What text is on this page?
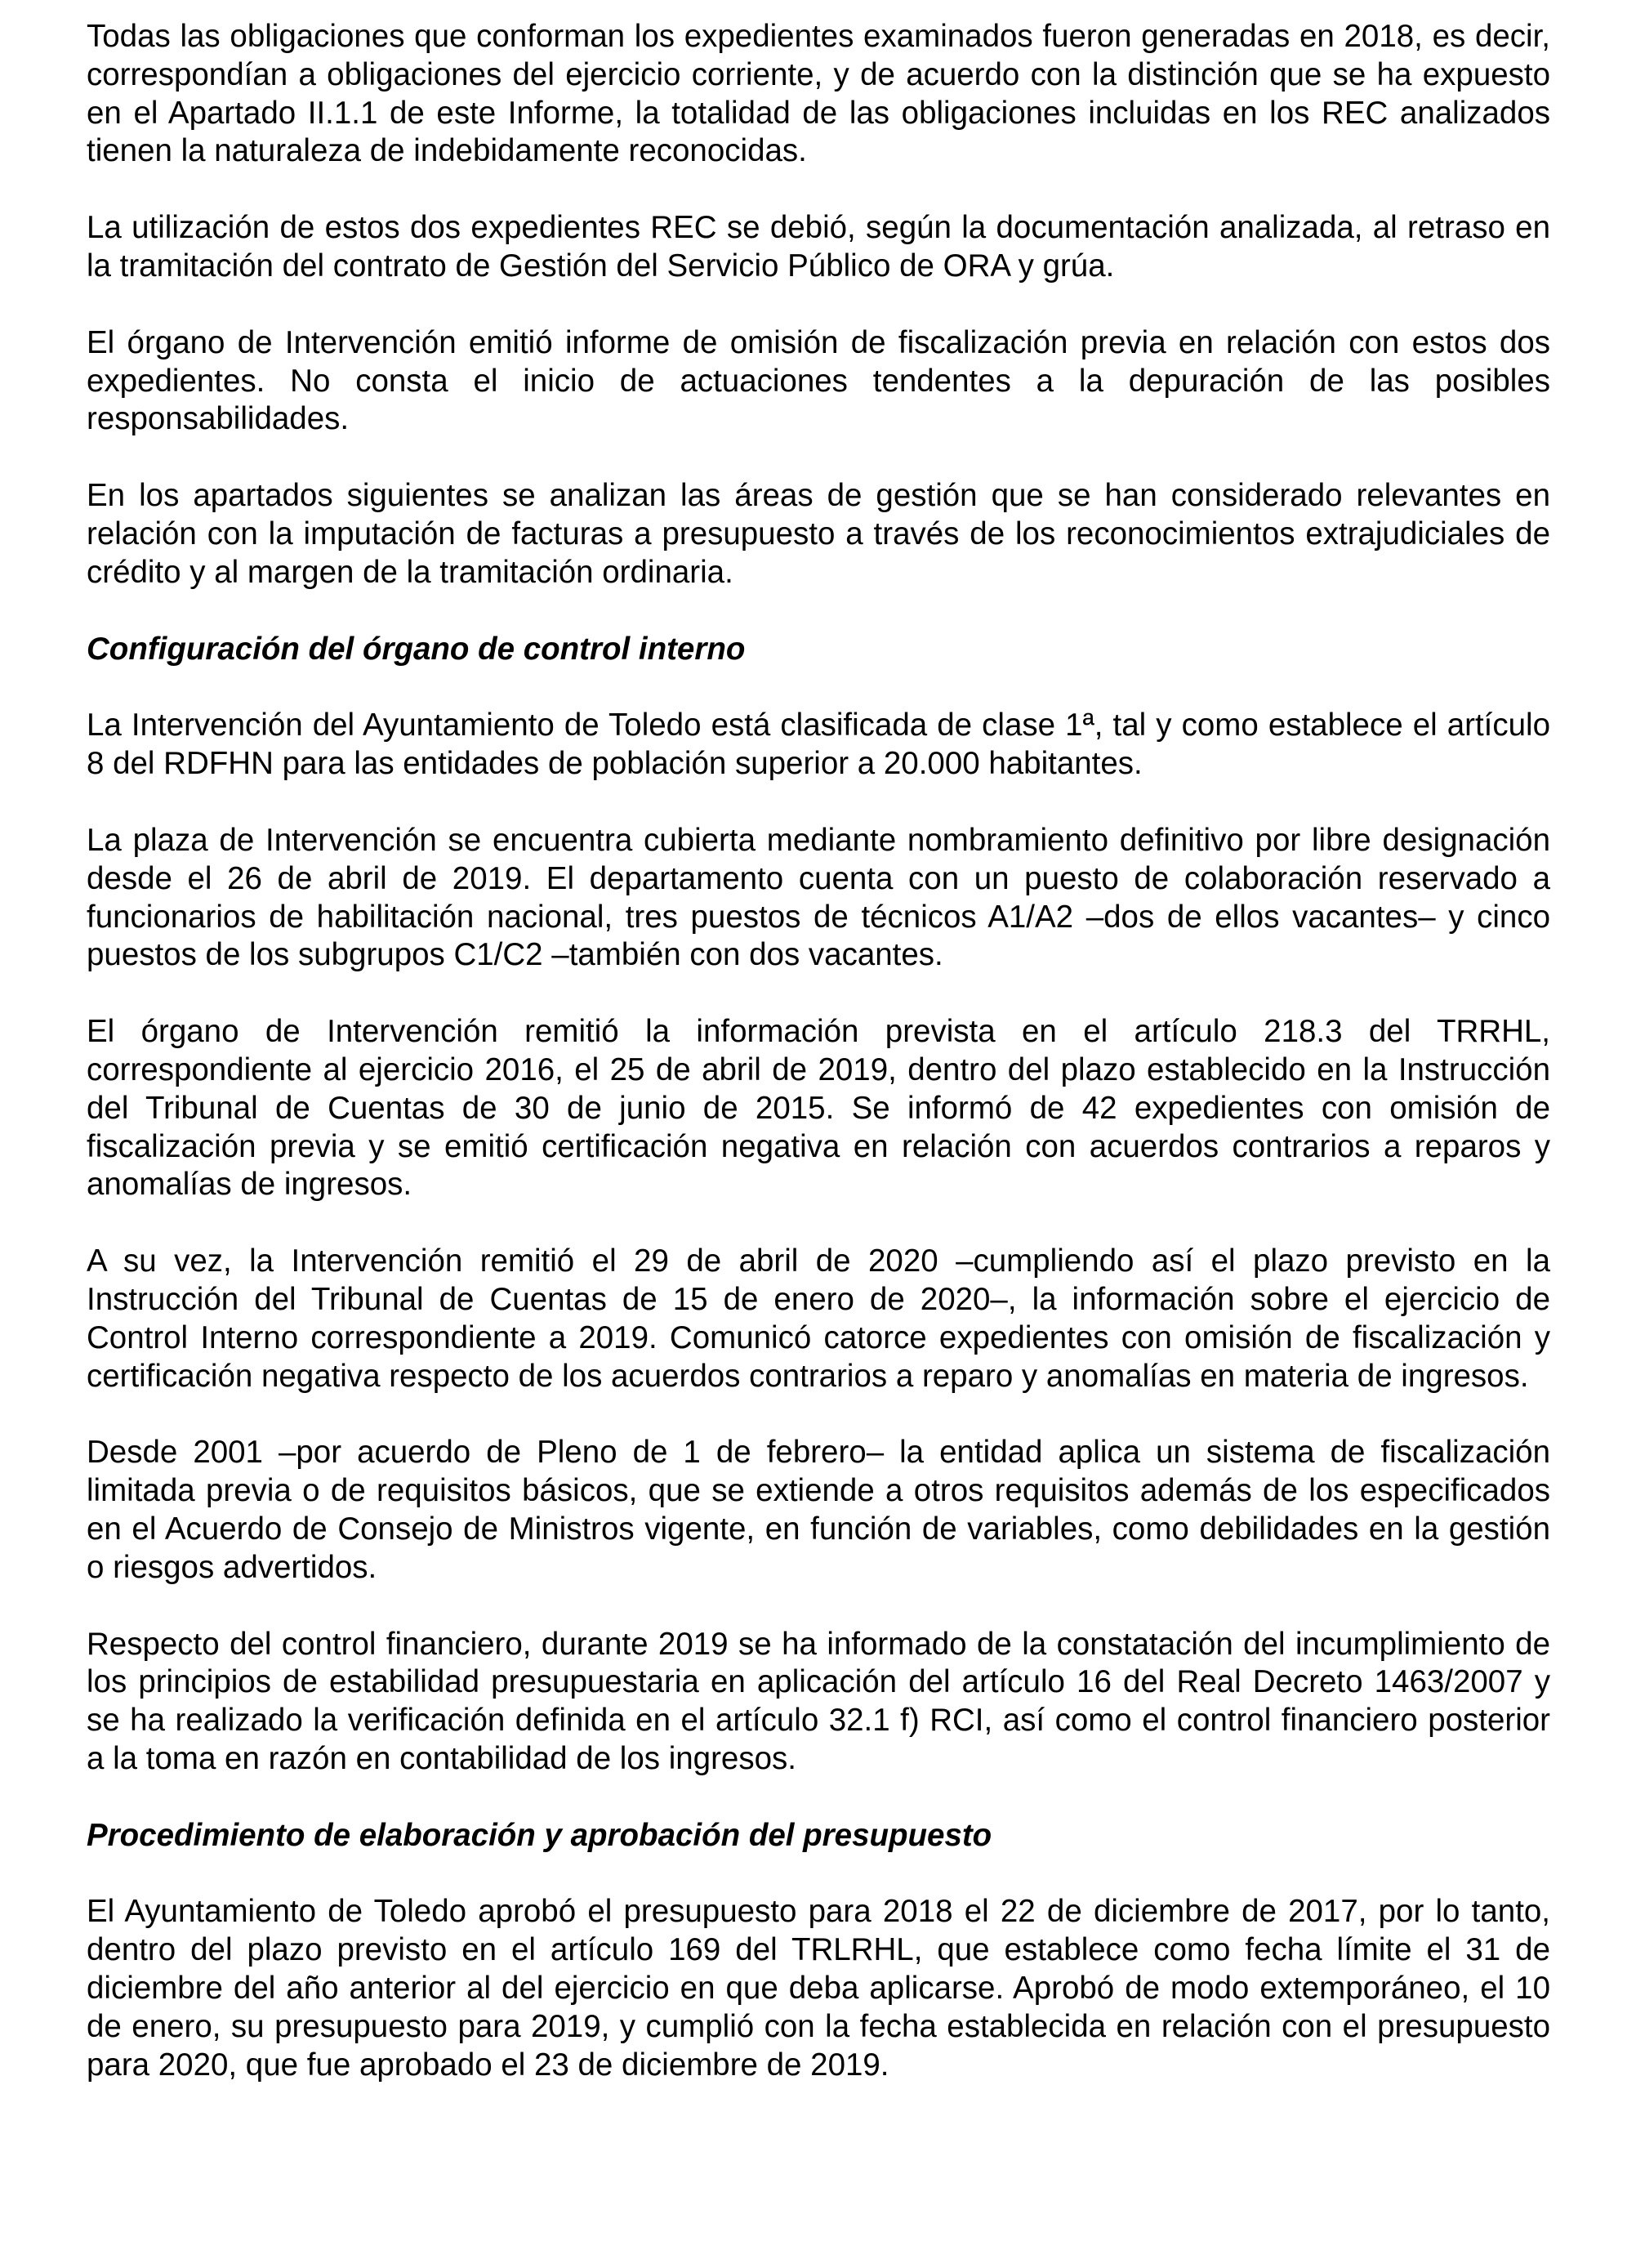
Todas las obligaciones que conforman los expedientes examinados fueron generadas en 2018, es decir, correspondían a obligaciones del ejercicio corriente, y de acuerdo con la distinción que se ha expuesto en el Apartado II.1.1 de este Informe, la totalidad de las obligaciones incluidas en los REC analizados tienen la naturaleza de indebidamente reconocidas.

La utilización de estos dos expedientes REC se debió, según la documentación analizada, al retraso en la tramitación del contrato de Gestión del Servicio Público de ORA y grúa.

El órgano de Intervención emitió informe de omisión de fiscalización previa en relación con estos dos expedientes. No consta el inicio de actuaciones tendentes a la depuración de las posibles responsabilidades.

En los apartados siguientes se analizan las áreas de gestión que se han considerado relevantes en relación con la imputación de facturas a presupuesto a través de los reconocimientos extrajudiciales de crédito y al margen de la tramitación ordinaria.

Configuración del órgano de control interno

La Intervención del Ayuntamiento de Toledo está clasificada de clase 1ª, tal y como establece el artículo 8 del RDFHN para las entidades de población superior a 20.000 habitantes.

La plaza de Intervención se encuentra cubierta mediante nombramiento definitivo por libre designación desde el 26 de abril de 2019. El departamento cuenta con un puesto de colaboración reservado a funcionarios de habilitación nacional, tres puestos de técnicos A1/A2 –dos de ellos vacantes– y cinco puestos de los subgrupos C1/C2 –también con dos vacantes.

El órgano de Intervención remitió la información prevista en el artículo 218.3 del TRRHL, correspondiente al ejercicio 2016, el 25 de abril de 2019, dentro del plazo establecido en la Instrucción del Tribunal de Cuentas de 30 de junio de 2015. Se informó de 42 expedientes con omisión de fiscalización previa y se emitió certificación negativa en relación con acuerdos contrarios a reparos y anomalías de ingresos.

A su vez, la Intervención remitió el 29 de abril de 2020 –cumpliendo así el plazo previsto en la Instrucción del Tribunal de Cuentas de 15 de enero de 2020–, la información sobre el ejercicio de Control Interno correspondiente a 2019. Comunicó catorce expedientes con omisión de fiscalización y certificación negativa respecto de los acuerdos contrarios a reparo y anomalías en materia de ingresos.

Desde 2001 –por acuerdo de Pleno de 1 de febrero– la entidad aplica un sistema de fiscalización limitada previa o de requisitos básicos, que se extiende a otros requisitos además de los especificados en el Acuerdo de Consejo de Ministros vigente, en función de variables, como debilidades en la gestión o riesgos advertidos.

Respecto del control financiero, durante 2019 se ha informado de la constatación del incumplimiento de los principios de estabilidad presupuestaria en aplicación del artículo 16 del Real Decreto 1463/2007 y se ha realizado la verificación definida en el artículo 32.1 f) RCI, así como el control financiero posterior a la toma en razón en contabilidad de los ingresos.

Procedimiento de elaboración y aprobación del presupuesto

El Ayuntamiento de Toledo aprobó el presupuesto para 2018 el 22 de diciembre de 2017, por lo tanto, dentro del plazo previsto en el artículo 169 del TRLRHL, que establece como fecha límite el 31 de diciembre del año anterior al del ejercicio en que deba aplicarse. Aprobó de modo extemporáneo, el 10 de enero, su presupuesto para 2019, y cumplió con la fecha establecida en relación con el presupuesto para 2020, que fue aprobado el 23 de diciembre de 2019.
